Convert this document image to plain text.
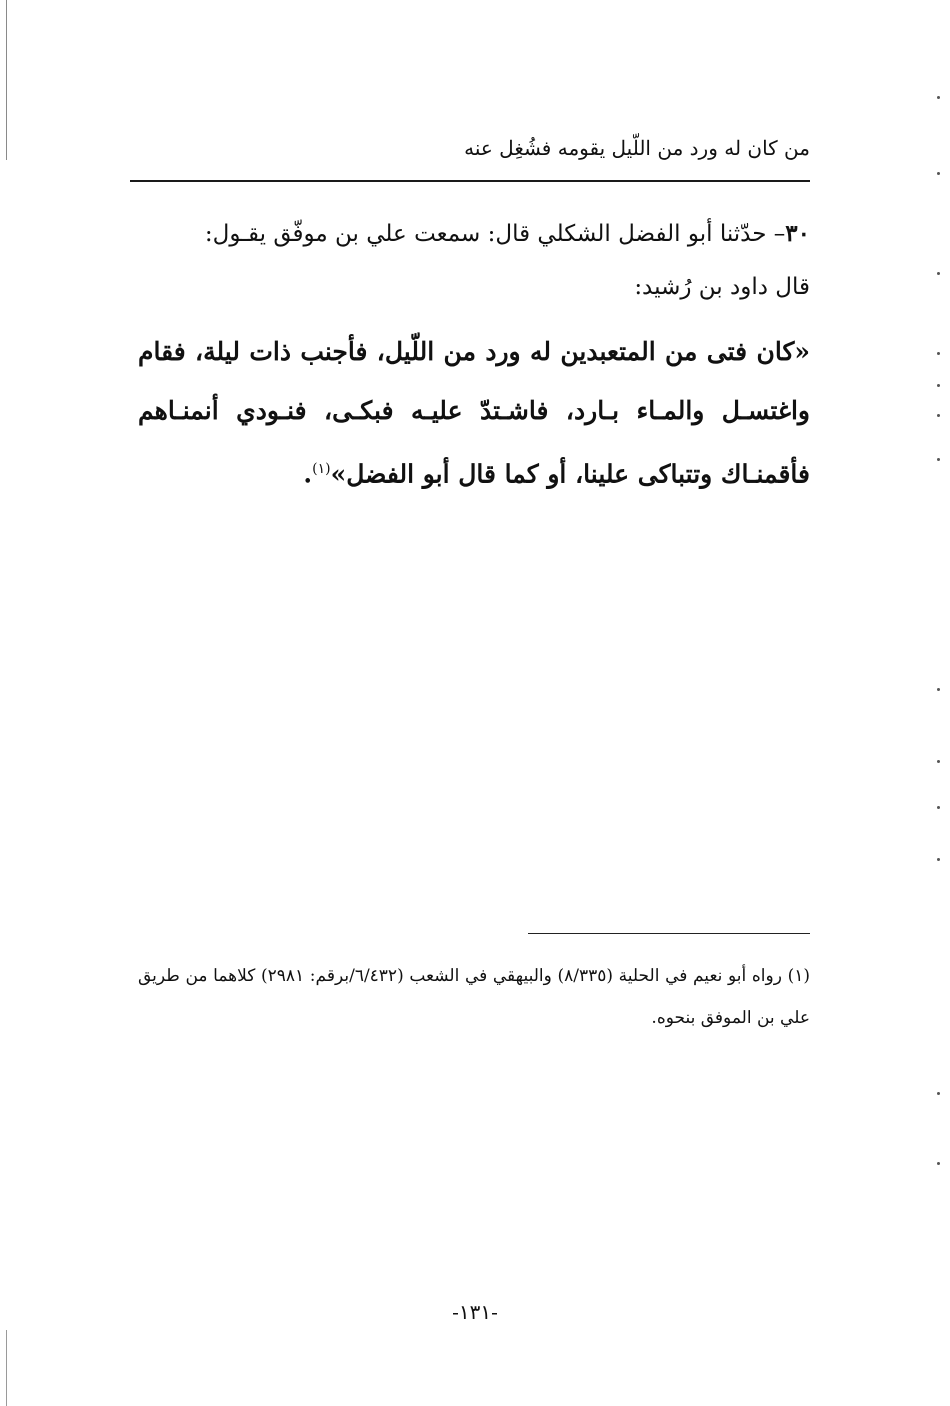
من كان له ورد من اللّيل يقومه فشُغِل عنه
٣٠– حدّثنا أبو الفضل الشكلي قال: سمعت علي بن موفّق يقـول:
قال داود بن رُشيد:
«كان فتى من المتعبدين له ورد من اللّيل، فأجنب ذات ليلة، فقام واغتسـل والمـاء بـارد، فاشـتدّ عليـه فبكـى، فنـودي أنمنـاهم فأقمنـاك وتتباكى علينا، أو كما قال أبو الفضل»$^{(١)}$.
(١) رواه أبو نعيم في الحلية (٨/٣٣٥) والبيهقي في الشعب (٦/٤٣٢/برقم: ٢٩٨١) كلاهما من طريق علي بن الموفق بنحوه.
-١٣١-
